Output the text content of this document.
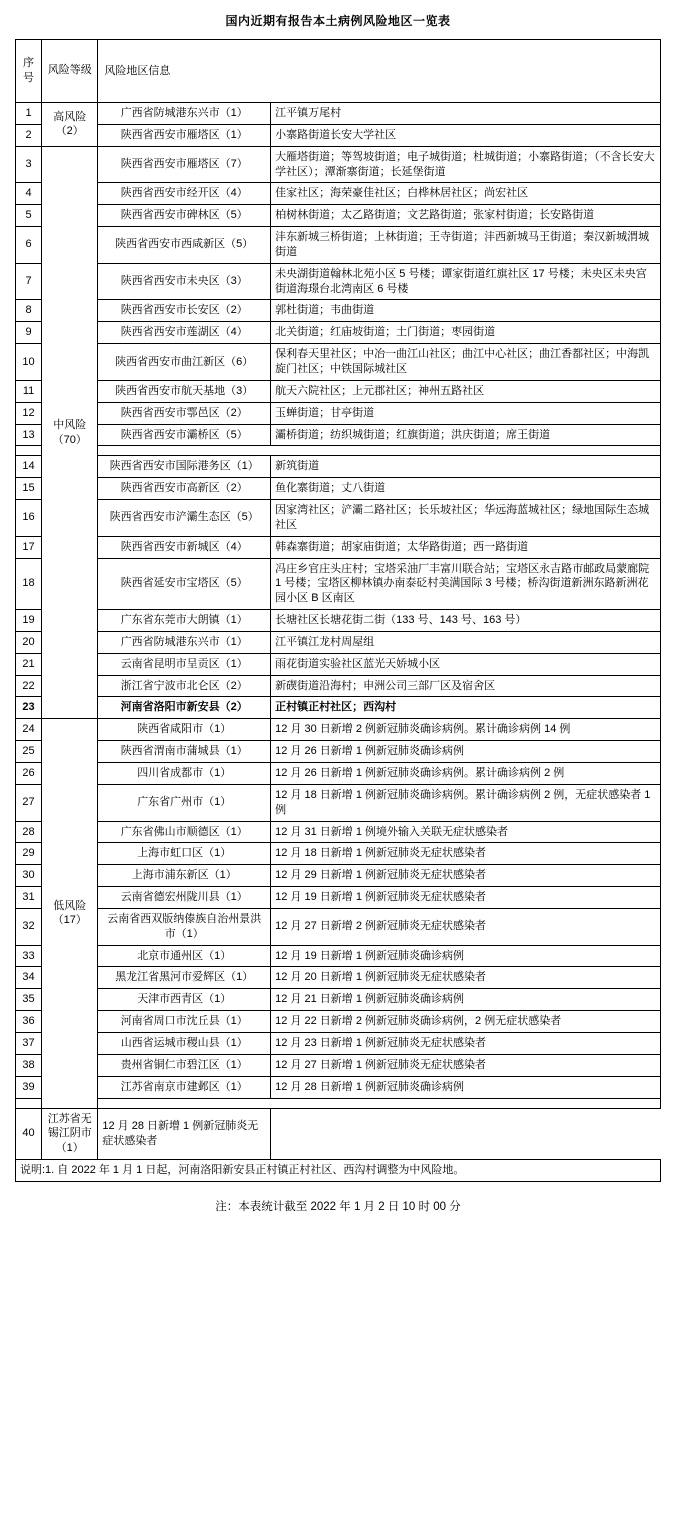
国内近期有报告本土病例风险地区一览表
序号	风险等级	风险地区信息	
1	高风险（2）	广西省防城港东兴市（1）	江平镇万尾村
2		陕西省西安市雁塔区（1）	小寨路街道长安大学社区
3	中风险（70）	陕西省西安市雁塔区（7）	大雁塔街道；等驾坡街道；电子城街道；杜城街道；小寨路街道；（不含长安大学社区）；潭渐寨街道；长延堡街道
4		陕西省西安市经开区（4）	佳家社区；海荣豪佳社区；白桦林居社区；尚宏社区
5		陕西省西安市碑林区（5）	柏树林街道；太乙路街道；文艺路街道；张家村街道；长安路街道
6		陕西省西安市西咸新区（5）	沣东新城三桥街道；上林街道；王寺街道；沣西新城马王街道；秦汉新城渭城街道
7		陕西省西安市未央区（3）	未央湖街道翰林北苑小区 5 号楼；谭家街道红旗社区 17 号楼；未央区未央宫街道海璟台北湾南区 6 号楼
8		陕西省西安市长安区（2）	郭杜街道；韦曲街道
9		陕西省西安市莲湖区（4）	北关街道；红庙坡街道；土门街道；枣园街道
10		陕西省西安市曲江新区（6）	保利春天里社区；中冶一曲江山社区；曲江中心社区；曲江香都社区；中海凯旋门社区；中铁国际城社区
11		陕西省西安市航天基地（3）	航天六院社区；上元郡社区；神州五路社区
12		陕西省西安市鄠邑区（2）	玉蝉街道；甘亭街道
13		陕西省西安市灞桥区（5）	灞桥街道；纺织城街道；红旗街道；洪庆街道；席王街道

14		陕西省西安市国际港务区（1）	新筑街道
15		陕西省西安市高新区（2）	鱼化寨街道；丈八街道
16		陕西省西安市浐灞生态区（5）	因家湾社区；浐灞二路社区；长乐坡社区；华远海蓝城社区；绿地国际生态城社区
17		陕西省西安市新城区（4）	韩森寨街道；胡家庙街道；太华路街道；西一路街道
18		陕西省延安市宝塔区（5）	冯庄乡官庄头庄村；宝塔采油厂丰富川联合站；宝塔区永吉路市邮政局蒙廊院 1 号楼；宝塔区柳林镇办南泰砭村美满国际 3 号楼；桥沟街道新洲东路新洲花园小区 B 区南区
19		广东省东莞市大朗镇（1）	长塘社区长塘花街二街（133 号、143 号、163 号）
20		广西省防城港东兴市（1）	江平镇江龙村周屋组
21		云南省昆明市呈贡区（1）	雨花街道实验社区蓝光天娇城小区
22		浙江省宁波市北仑区（2）	新碶街道沿海村；申洲公司三部厂区及宿舍区
23		河南省洛阳市新安县（2）	正村镇正村社区；西沟村
24	低风险（17）	陕西省咸阳市（1）	12 月 30 日新增 2 例新冠肺炎确诊病例。累计确诊病例 14 例
25		陕西省渭南市蒲城县（1）	12 月 26 日新增 1 例新冠肺炎确诊病例
26		四川省成都市（1）	12 月 26 日新增 1 例新冠肺炎确诊病例。累计确诊病例 2 例
27		广东省广州市（1）	12 月 18 日新增 1 例新冠肺炎确诊病例。累计确诊病例 2 例，无症状感染者 1 例
28		广东省佛山市顺德区（1）	12 月 31 日新增 1 例境外输入关联无症状感染者
29		上海市虹口区（1）	12 月 18 日新增 1 例新冠肺炎无症状感染者
30		上海市浦东新区（1）	12 月 29 日新增 1 例新冠肺炎无症状感染者
31		云南省德宏州陇川县（1）	12 月 19 日新增 1 例新冠肺炎无症状感染者
32		云南省西双版纳傣族自治州景洪市（1）	12 月 27 日新增 2 例新冠肺炎无症状感染者
33		北京市通州区（1）	12 月 19 日新增 1 例新冠肺炎确诊病例
34		黑龙江省黑河市爱辉区（1）	12 月 20 日新增 1 例新冠肺炎无症状感染者
35		天津市西青区（1）	12 月 21 日新增 1 例新冠肺炎确诊病例
36		河南省周口市沈丘县（1）	12 月 22 日新增 2 例新冠肺炎确诊病例，2 例无症状感染者
37		山西省运城市稷山县（1）	12 月 23 日新增 1 例新冠肺炎无症状感染者
38		贵州省铜仁市碧江区（1）	12 月 27 日新增 1 例新冠肺炎无症状感染者
39		江苏省南京市建邺区（1）	12 月 28 日新增 1 例新冠肺炎确诊病例

40	江苏省无锡江阴市（1）	12 月 28 日新增 1 例新冠肺炎无症状感染者	
说明:1. 自 2022 年 1 月 1 日起，河南洛阳新安县正村镇正村社区、西沟村调整为中风险地。			
注：本表统计截至 2022 年 1 月 2 日 10 时 00 分
